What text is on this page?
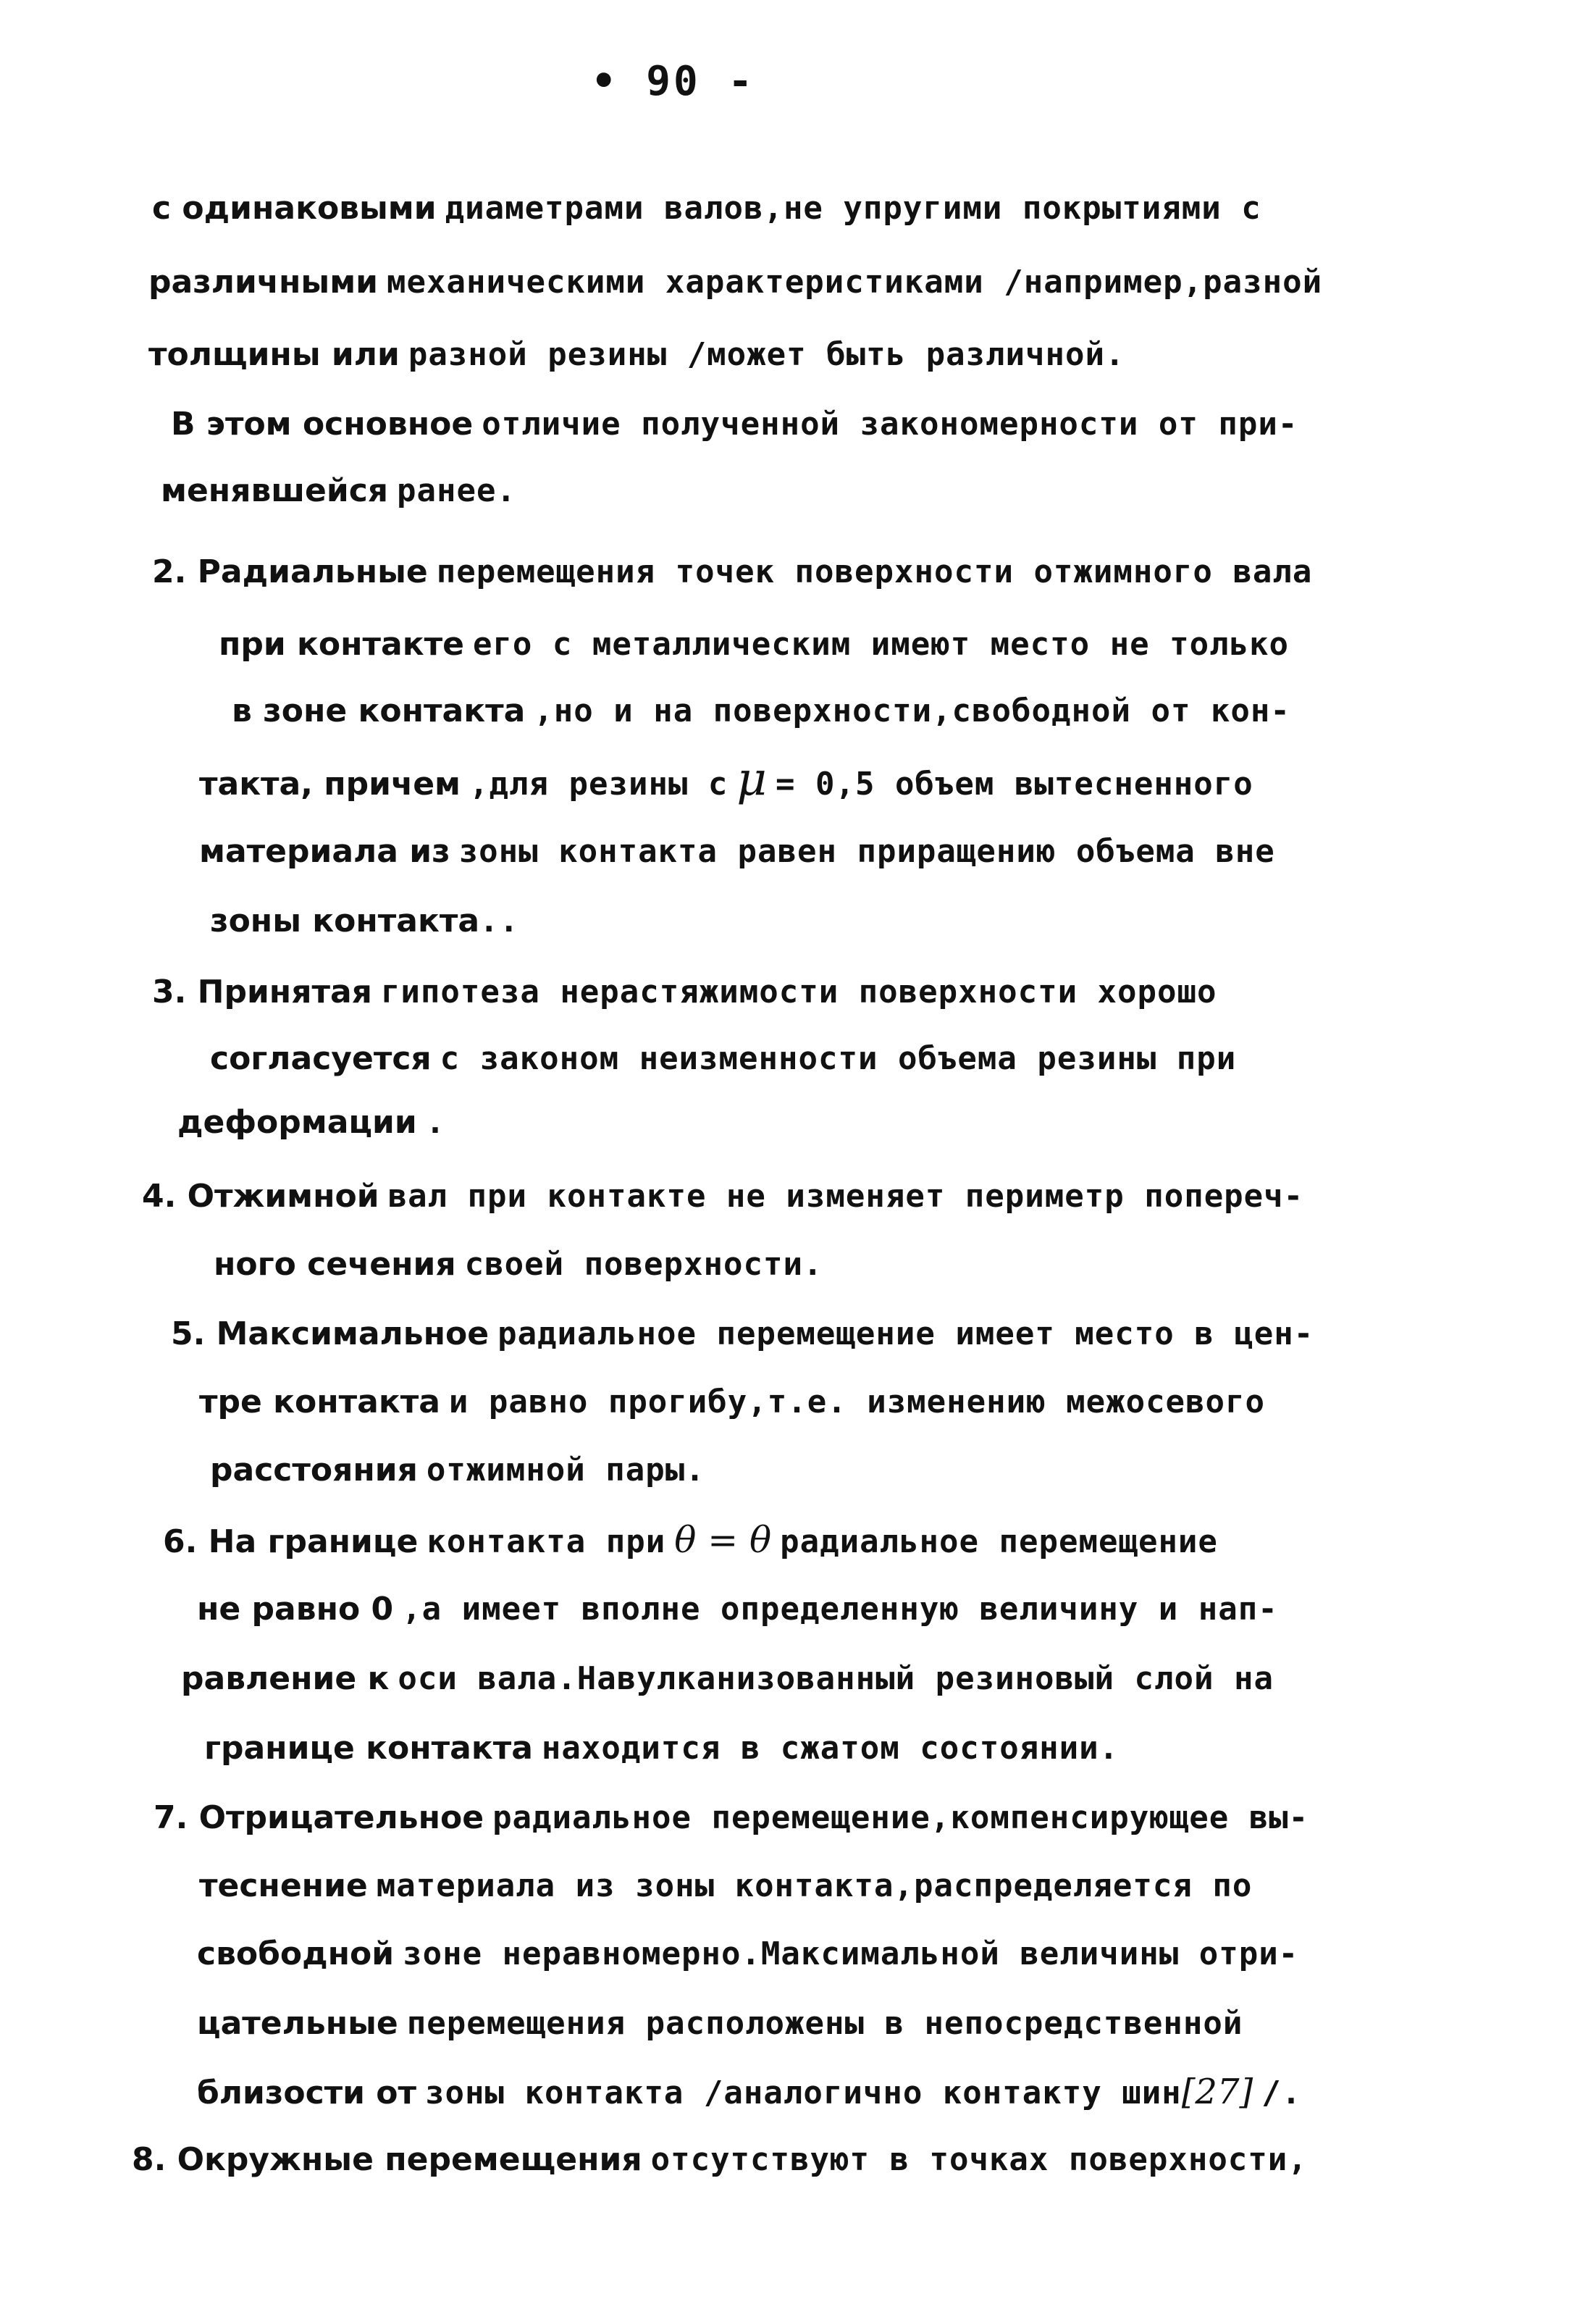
• 90 -
с одинаковыми диаметрами валов,не упругими покрытиями с
различными механическими характеристиками /например,разной
толщины или разной резины /может быть различной.
В этом основное отличие полученной закономерности от при-
менявшейся ранее.
2. Радиальные перемещения точек поверхности отжимного вала
при контакте его с металлическим имеют место не только
в зоне контакта ,но и на поверхности,свободной от кон-
такта, причем ,для резины с μ = 0,5 объем вытесненного
материала из зоны контакта равен приращению объема вне
зоны контакта..
3. Принятая гипотеза нерастяжимости поверхности хорошо
согласуется с законом неизменности объема резины при
деформации .
4. Отжимной вал при контакте не изменяет периметр попереч-
ного сечения своей поверхности.
5. Максимальное радиальное перемещение имеет место в цен-
тре контакта и равно прогибу,т.е. изменению межосевого
расстояния отжимной пары.
6. На границе контакта при θ = θ радиальное перемещение
не равно 0 ,а имеет вполне определенную величину и нап-
равление к оси вала.Навулканизованный резиновый слой на
границе контакта находится в сжатом состоянии.
7. Отрицательное радиальное перемещение,компенсирующее вы-
теснение материала из зоны контакта,распределяется по
свободной зоне неравномерно.Максимальной величины отри-
цательные перемещения расположены в непосредственной
близости от зоны контакта /аналогично контакту шин[27] /.
8. Окружные перемещения отсутствуют в точках поверхности,
